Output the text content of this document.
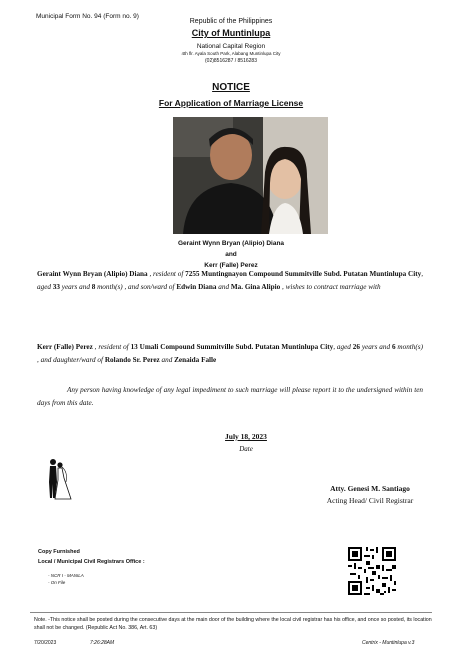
Municipal Form No. 94 (Form no. 9)
Republic of the Philippines
City of Muntinlupa
National Capital Region
4th flr. Ayala South Park, Alabang Muntinlupa City
(02)8516287 / 8516283
NOTICE
For Application of Marriage License
Geraint Wynn Bryan (Alipio) Diana
and
Kerr (Falle) Perez
Geraint Wynn Bryan (Alipio) Diana , resident of 7255 Muntingnayon Compound Summitville Subd. Putatan Muntinlupa City, aged 33 years and 8 month(s) , and son/ward of Edwin Diana and Ma. Gina Alipio , wishes to contract marriage with
Kerr (Falle) Perez , resident of 13 Umali Compound Summitville Subd. Putatan Muntinlupa City, aged 26 years and 6 month(s) , and daughter/ward of Rolando Sr. Perez and Zenaida Falle
Any person having knowledge of any legal impediment to such marriage will please report it to the undersigned within ten days from this date.
July 18, 2023
Date
Atty. Genesi M. Santiago
Acting Head/ Civil Registrar
Copy Furnished
Local / Municipal Civil Registrars Office :
- NCR I - MANILA
- On File
Note. -This notice shall be posted during the consecutive days at the main door of the building where the local civil registrar has his office, and once so posted, its location shall not be changed. (Republic Act No. 386, Art. 63)
7/20/2023	7:26:28AM	Centrix - Muntinlupa v.3
